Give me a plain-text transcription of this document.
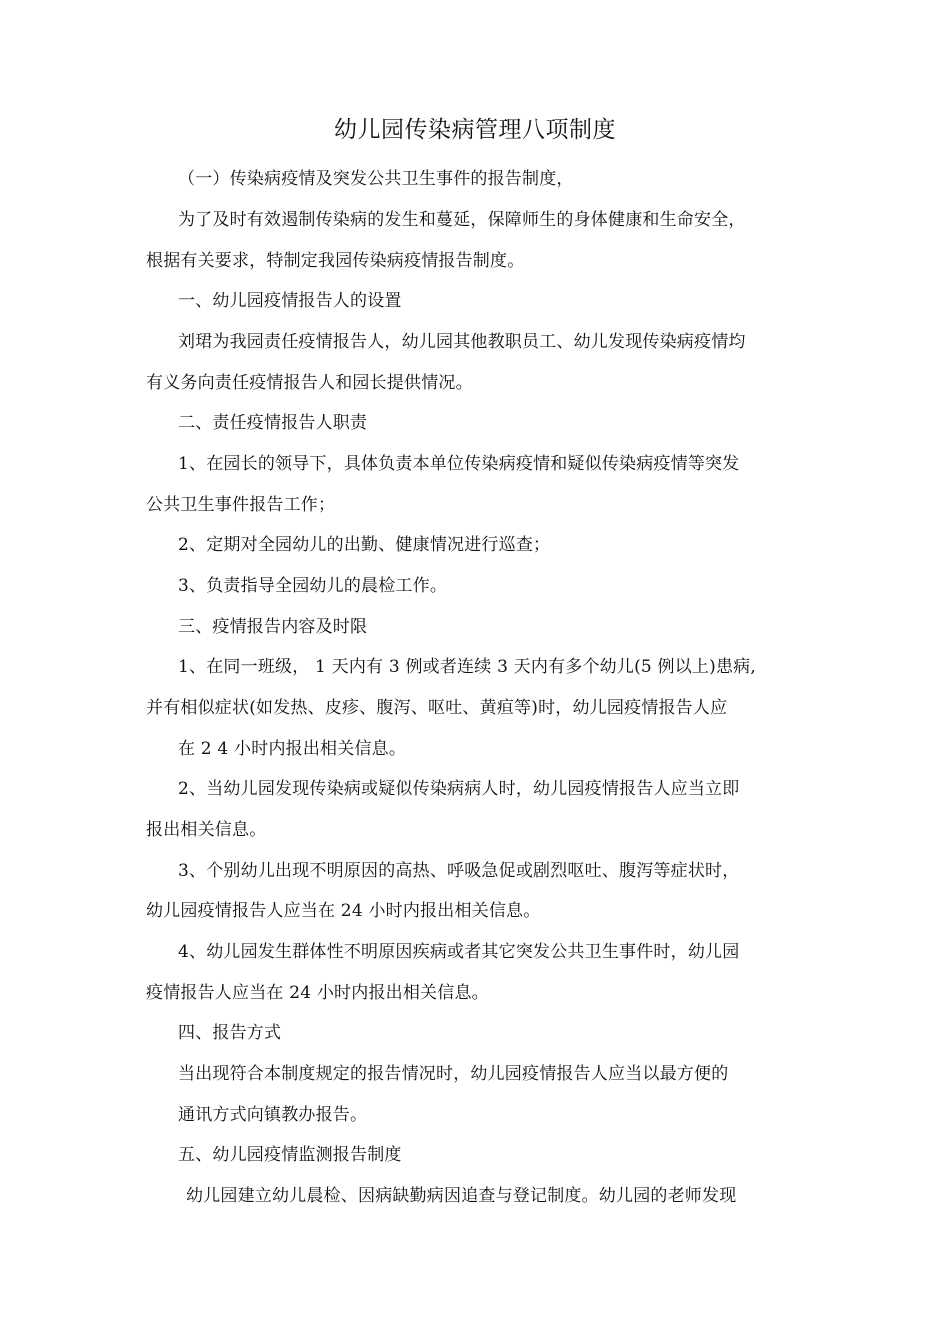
幼儿园传染病管理八项制度
（一）传染病疫情及突发公共卫生事件的报告制度，
为了及时有效遏制传染病的发生和蔓延，保障师生的身体健康和生命安全，
根据有关要求，特制定我园传染病疫情报告制度。
一、幼儿园疫情报告人的设置
刘珺为我园责任疫情报告人，幼儿园其他教职员工、幼儿发现传染病疫情均
有义务向责任疫情报告人和园长提供情况。
二、责任疫情报告人职责
1、在园长的领导下，具体负责本单位传染病疫情和疑似传染病疫情等突发
公共卫生事件报告工作；
2、定期对全园幼儿的出勤、健康情况进行巡查；
3、负责指导全园幼儿的晨检工作。
三、疫情报告内容及时限
1、在同一班级， 1 天内有 3 例或者连续 3 天内有多个幼儿(5 例以上)患病,
并有相似症状(如发热、皮疹、腹泻、呕吐、黄疸等)时，幼儿园疫情报告人应
在 2 4 小时内报出相关信息。
2、当幼儿园发现传染病或疑似传染病病人时，幼儿园疫情报告人应当立即
报出相关信息。
3、个别幼儿出现不明原因的高热、呼吸急促或剧烈呕吐、腹泻等症状时，
幼儿园疫情报告人应当在 24 小时内报出相关信息。
4、幼儿园发生群体性不明原因疾病或者其它突发公共卫生事件时，幼儿园
疫情报告人应当在 24 小时内报出相关信息。
四、报告方式
当出现符合本制度规定的报告情况时，幼儿园疫情报告人应当以最方便的
通讯方式向镇教办报告。
五、幼儿园疫情监测报告制度
幼儿园建立幼儿晨检、因病缺勤病因追查与登记制度。幼儿园的老师发现
